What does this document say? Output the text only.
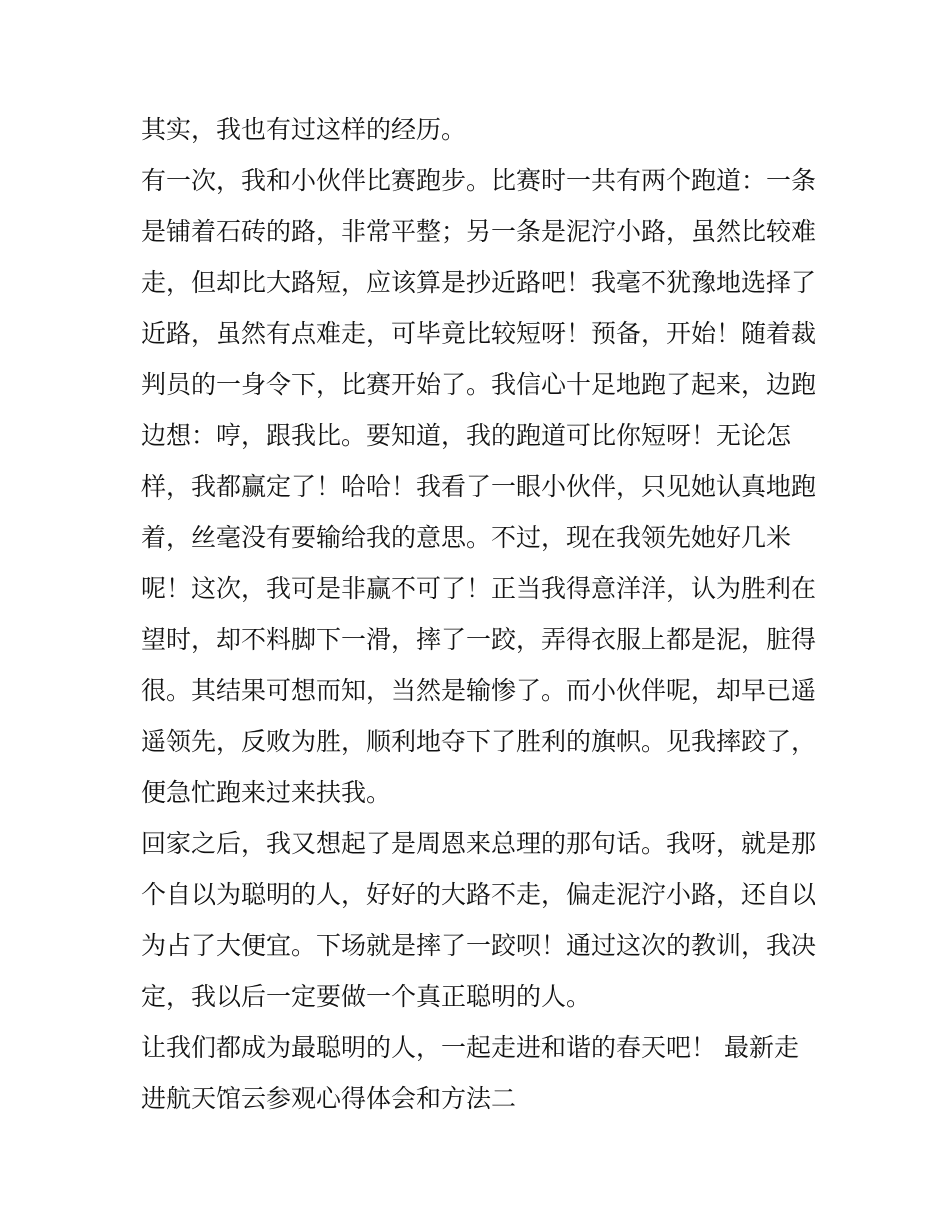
其实，我也有过这样的经历。
有一次，我和小伙伴比赛跑步。比赛时一共有两个跑道：一条
是铺着石砖的路，非常平整；另一条是泥泞小路，虽然比较难
走，但却比大路短，应该算是抄近路吧！我毫不犹豫地选择了
近路，虽然有点难走，可毕竟比较短呀！预备，开始！随着裁
判员的一身令下，比赛开始了。我信心十足地跑了起来，边跑
边想：哼，跟我比。要知道，我的跑道可比你短呀！无论怎
样，我都赢定了！哈哈！我看了一眼小伙伴，只见她认真地跑
着，丝毫没有要输给我的意思。不过，现在我领先她好几米
呢！这次，我可是非赢不可了！正当我得意洋洋，认为胜利在
望时，却不料脚下一滑，摔了一跤，弄得衣服上都是泥，脏得
很。其结果可想而知，当然是输惨了。而小伙伴呢，却早已遥
遥领先，反败为胜，顺利地夺下了胜利的旗帜。见我摔跤了，
便急忙跑来过来扶我。
回家之后，我又想起了是周恩来总理的那句话。我呀，就是那
个自以为聪明的人，好好的大路不走，偏走泥泞小路，还自以
为占了大便宜。下场就是摔了一跤呗！通过这次的教训，我决
定，我以后一定要做一个真正聪明的人。
让我们都成为最聪明的人，一起走进和谐的春天吧！ 最新走
进航天馆云参观心得体会和方法二
